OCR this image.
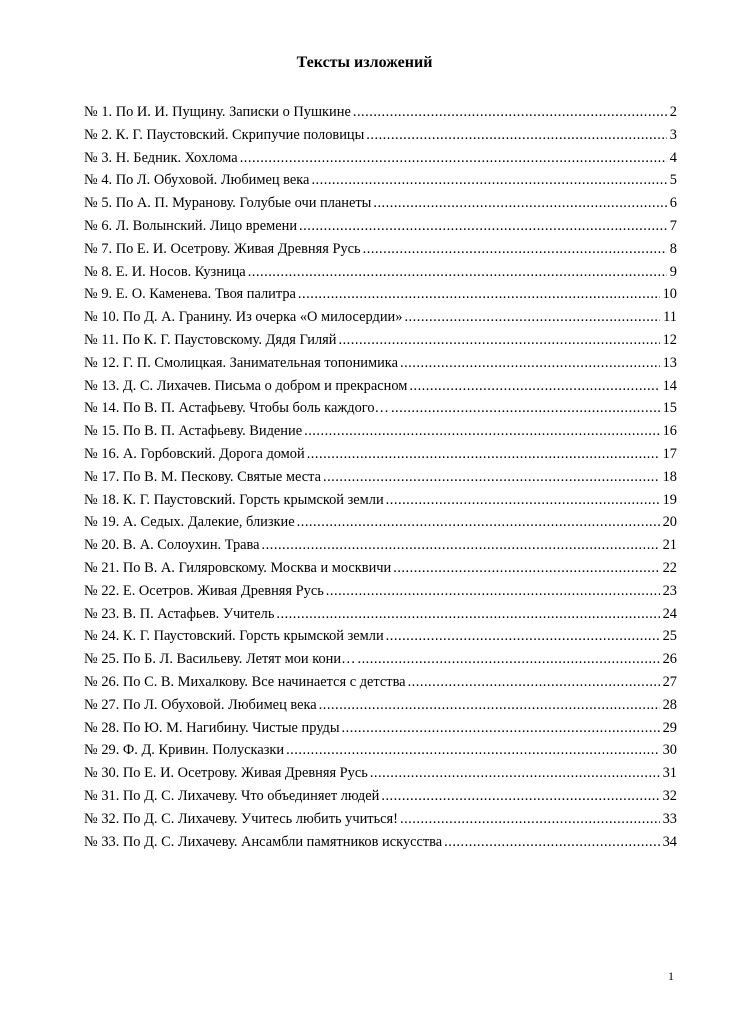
Тексты изложений
№ 1. По И. И. Пущину. Записки о Пушкине .....	2
№ 2. К. Г. Паустовский. Скрипучие половицы .....	3
№ 3. Н. Бедник. Хохлома .....	4
№ 4. По Л. Обуховой. Любимец века .....	5
№ 5. По А. П. Муранову. Голубые очи планеты .....	6
№ 6. Л. Волынский. Лицо времени .....	7
№ 7. По Е. И. Осетрову. Живая Древняя Русь .....	8
№ 8. Е. И. Носов. Кузница .....	9
№ 9. Е. О. Каменева. Твоя палитра .....	10
№ 10. По Д. А. Гранину. Из очерка «О милосердии» .....	11
№ 11. По К. Г. Паустовскому. Дядя Гиляй .....	12
№ 12. Г. П. Смолицкая. Занимательная топонимика .....	13
№ 13. Д. С. Лихачев. Письма о добром и прекрасном .....	14
№ 14. По В. П. Астафьеву. Чтобы боль каждого… .....	15
№ 15. По В. П. Астафьеву. Видение .....	16
№ 16. А. Горбовский. Дорога домой .....	17
№ 17. По В. М. Пескову. Святые места .....	18
№ 18. К. Г. Паустовский. Горсть крымской земли .....	19
№ 19. А. Седых. Далекие, близкие .....	20
№ 20. В. А. Солоухин. Трава .....	21
№ 21. По В. А. Гиляровскому. Москва и москвичи .....	22
№ 22. Е. Осетров. Живая Древняя Русь .....	23
№ 23. В. П. Астафьев. Учитель .....	24
№ 24. К. Г. Паустовский. Горсть крымской земли .....	25
№ 25. По Б. Л. Васильеву. Летят мои кони… .....	26
№ 26. По С. В. Михалкову. Все начинается с детства .....	27
№ 27. По Л. Обуховой. Любимец века .....	28
№ 28. По Ю. М. Нагибину. Чистые пруды .....	29
№ 29. Ф. Д. Кривин. Полусказки .....	30
№ 30. По Е. И. Осетрову. Живая Древняя Русь .....	31
№ 31. По Д. С. Лихачеву. Что объединяет людей .....	32
№ 32. По Д. С. Лихачеву. Учитесь любить учиться! .....	33
№ 33. По Д. С. Лихачеву. Ансамбли памятников искусства .....	34
1
